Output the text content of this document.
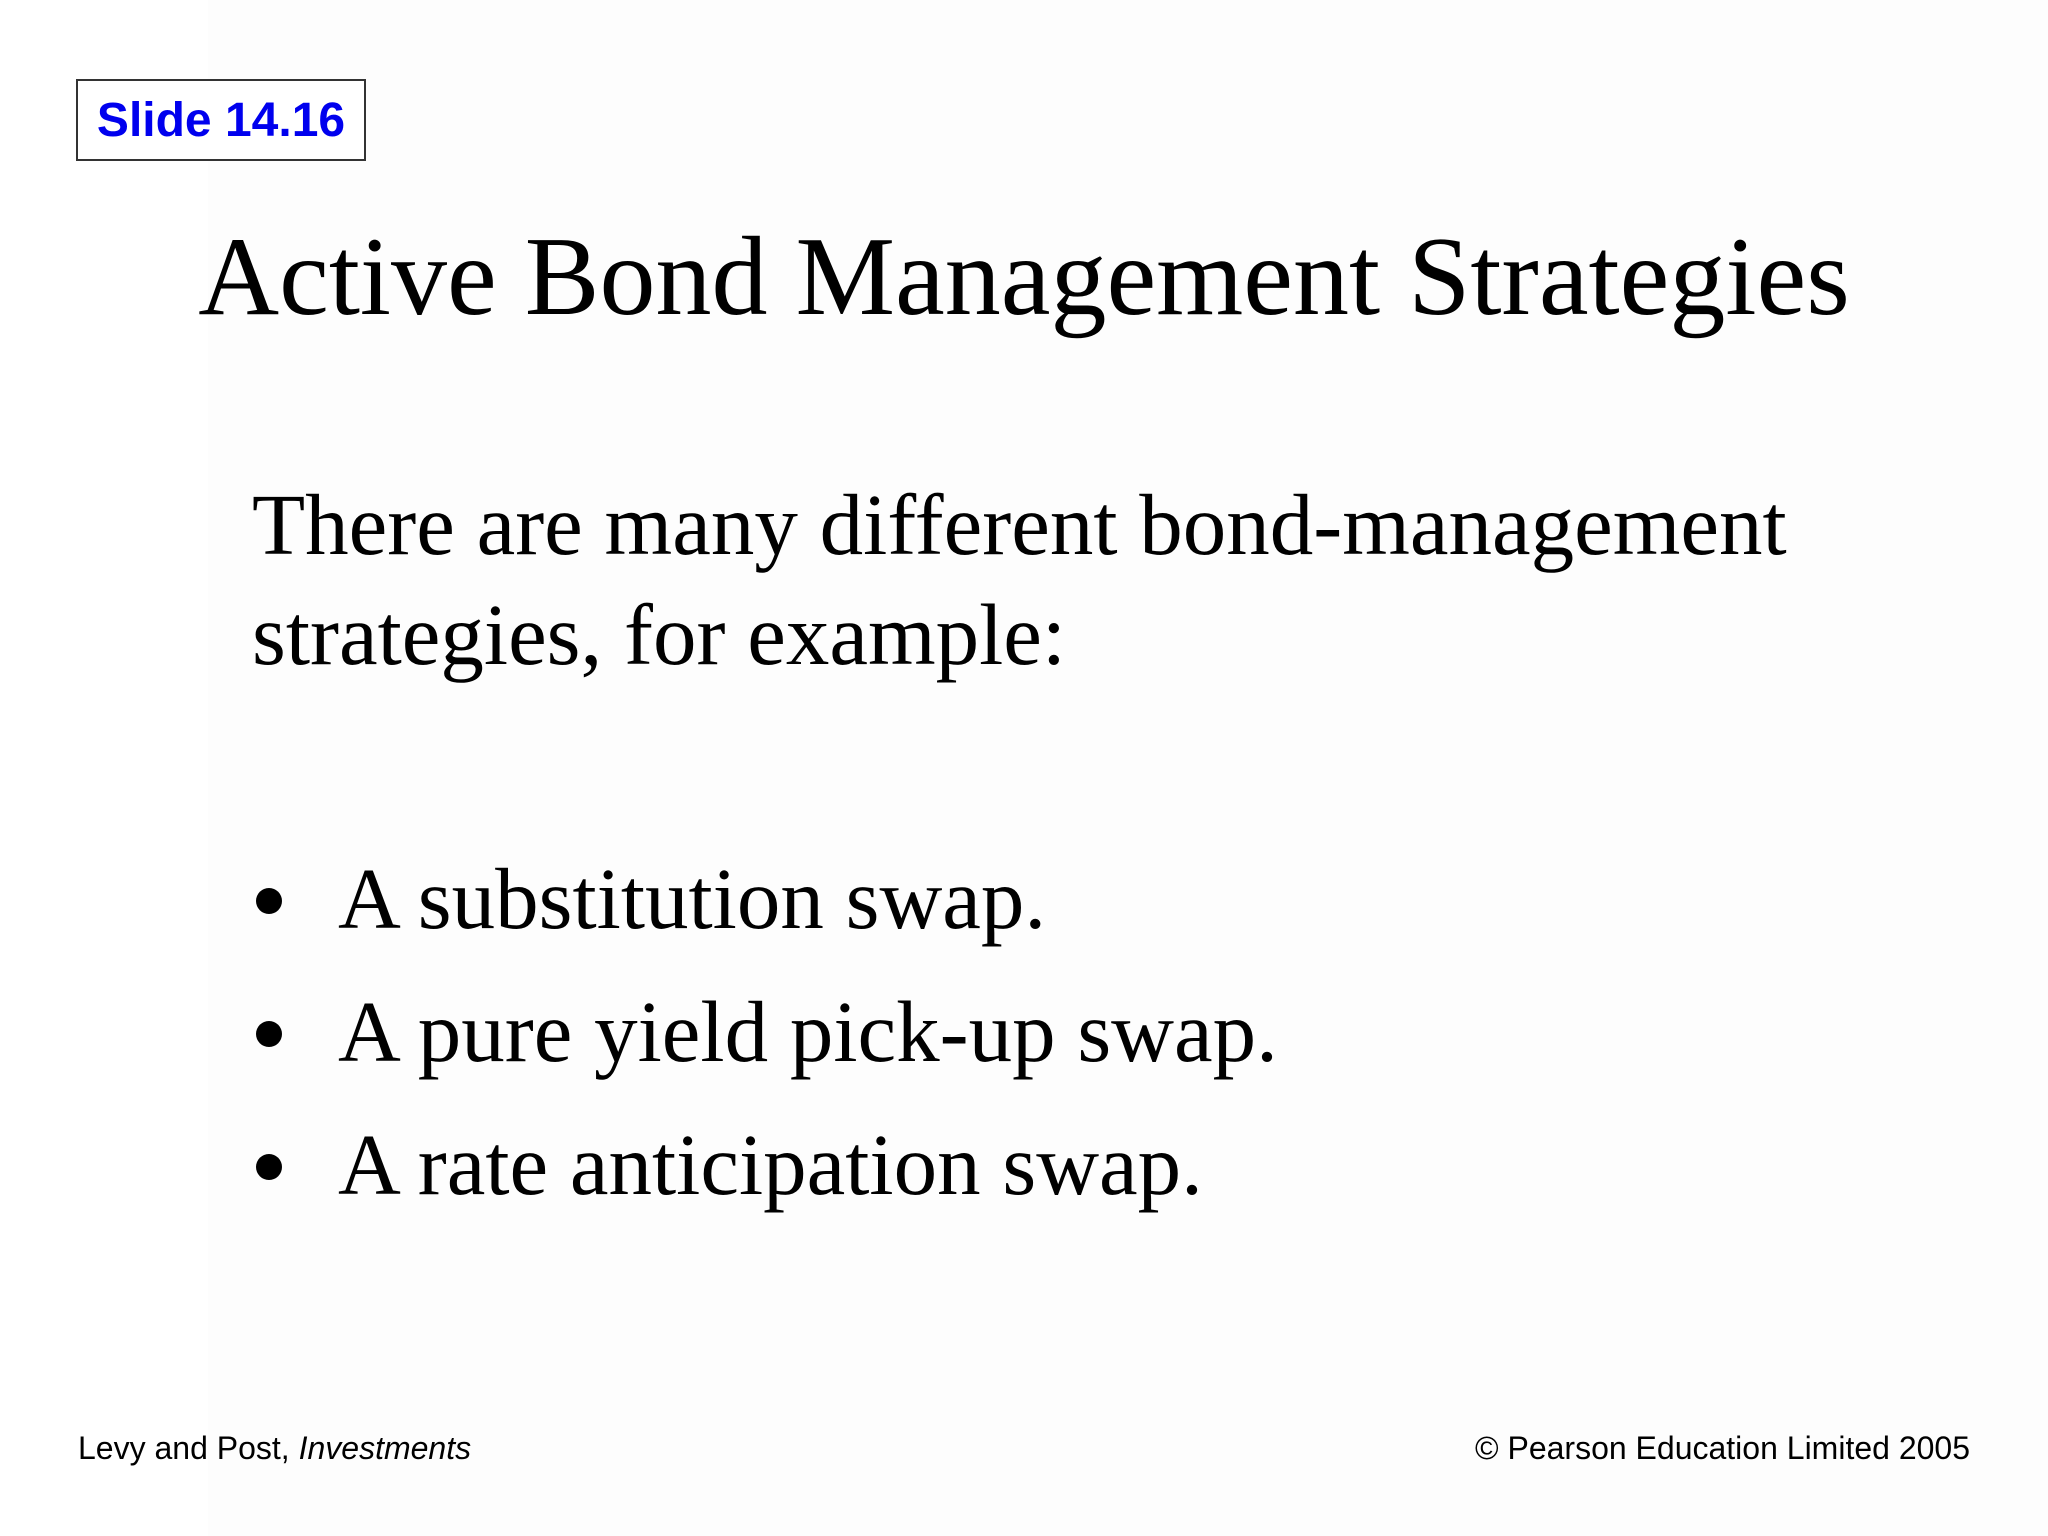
Slide 14.16
Active Bond Management Strategies
There are many different bond-management
strategies, for example:
A substitution swap.
A pure yield pick-up swap.
A rate anticipation swap.
Levy and Post, Investments	© Pearson Education Limited 2005
